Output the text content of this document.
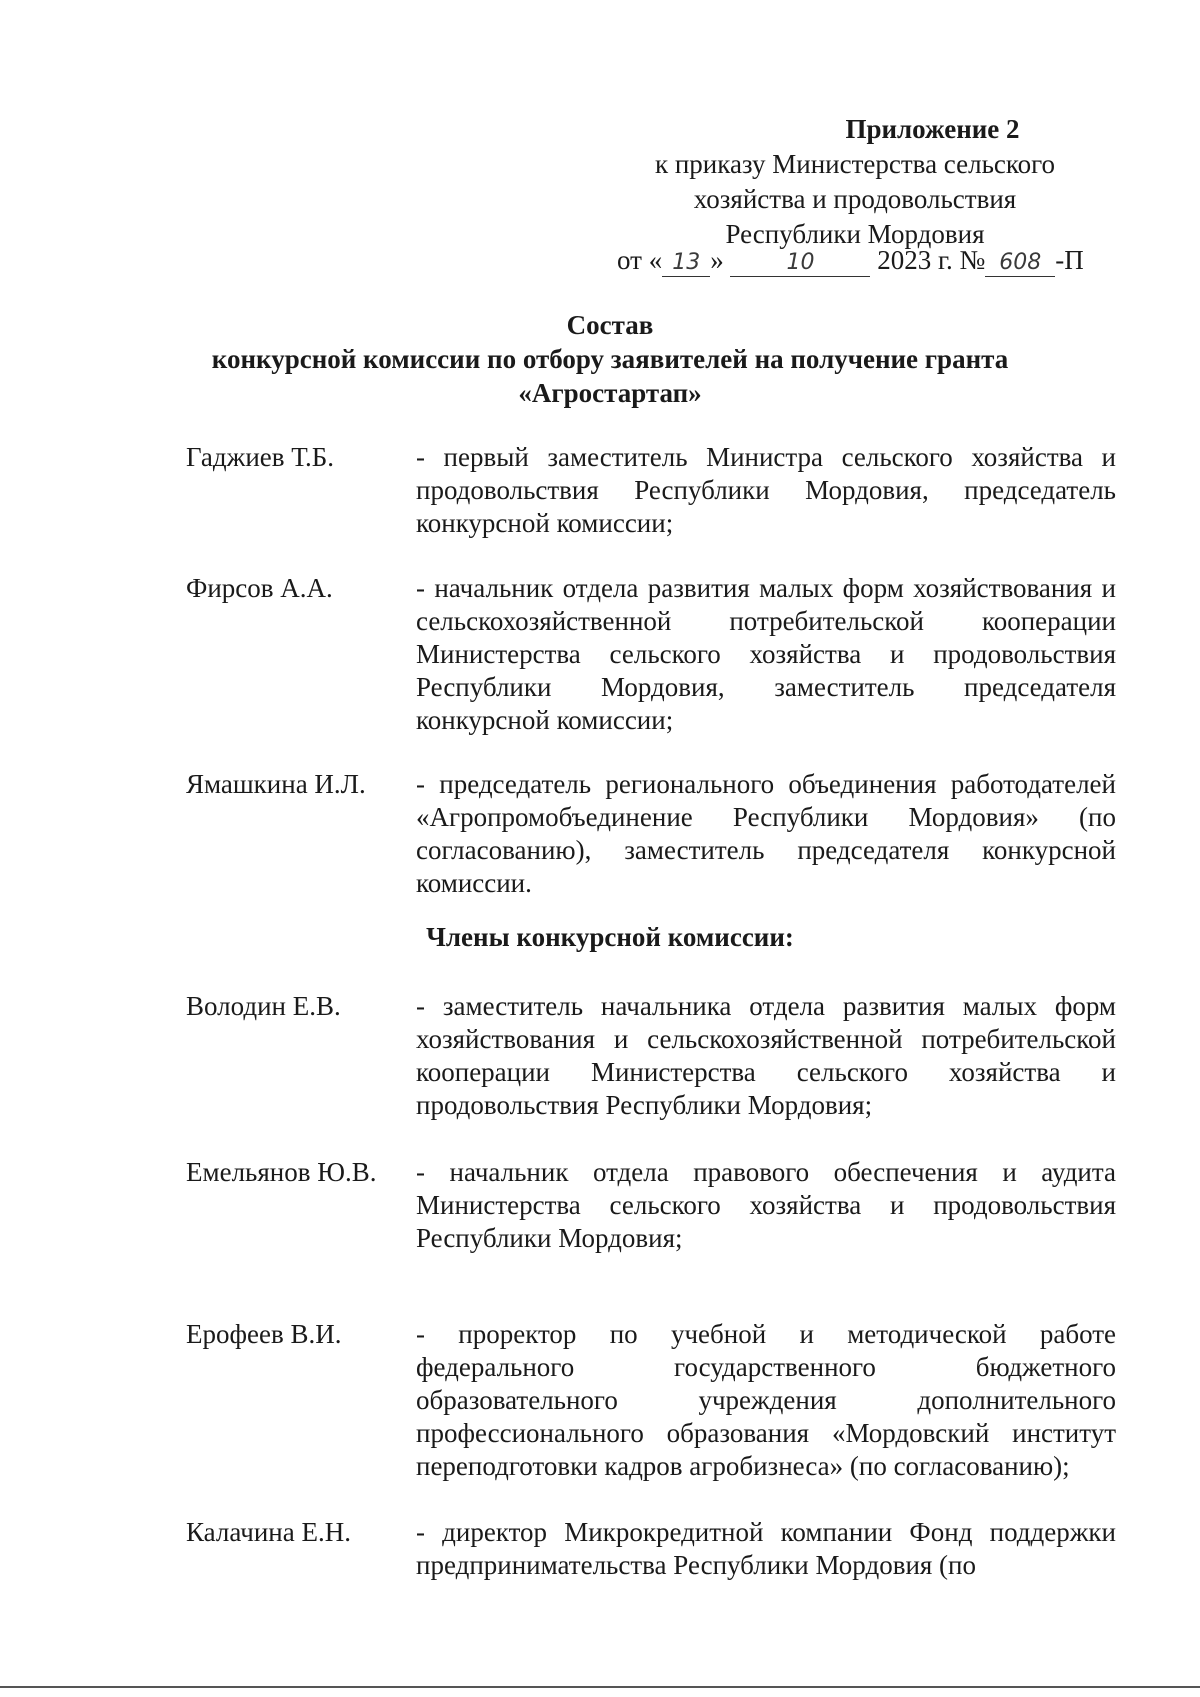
Приложение 2
к приказу Министерства сельского
хозяйства и продовольствия
Республики Мордовия
от « 13 »	10 2023 г. № 608 -П
Состав
конкурсной комиссии по отбору заявителей на получение гранта
«Агростартап»
Гаджиев Т.Б.	- первый заместитель Министра сельского хозяйства и продовольствия Республики Мордовия, председатель конкурсной комиссии;
Фирсов А.А.	- начальник отдела развития малых форм хозяйствования и сельскохозяйственной потребительской кооперации Министерства сельского хозяйства и продовольствия Республики Мордовия, заместитель председателя конкурсной комиссии;
Ямашкина И.Л. - председатель регионального объединения работодателей «Агропромобъединение Республики Мордовия» (по согласованию), заместитель председателя конкурсной комиссии.
Члены конкурсной комиссии:
Володин Е.В.	- заместитель начальника отдела развития малых форм хозяйствования и сельскохозяйственной потребительской кооперации Министерства сельского хозяйства и продовольствия Республики Мордовия;
Емельянов Ю.В. - начальник отдела правового обеспечения и аудита Министерства сельского хозяйства и продовольствия Республики Мордовия;
Ерофеев В.И.	- проректор по учебной и методической работе федерального государственного бюджетного образовательного учреждения дополнительного профессионального образования «Мордовский институт переподготовки кадров агробизнеса» (по согласованию);
Калачина Е.Н. - директор Микрокредитной компании Фонд поддержки предпринимательства Республики Мордовия (по
